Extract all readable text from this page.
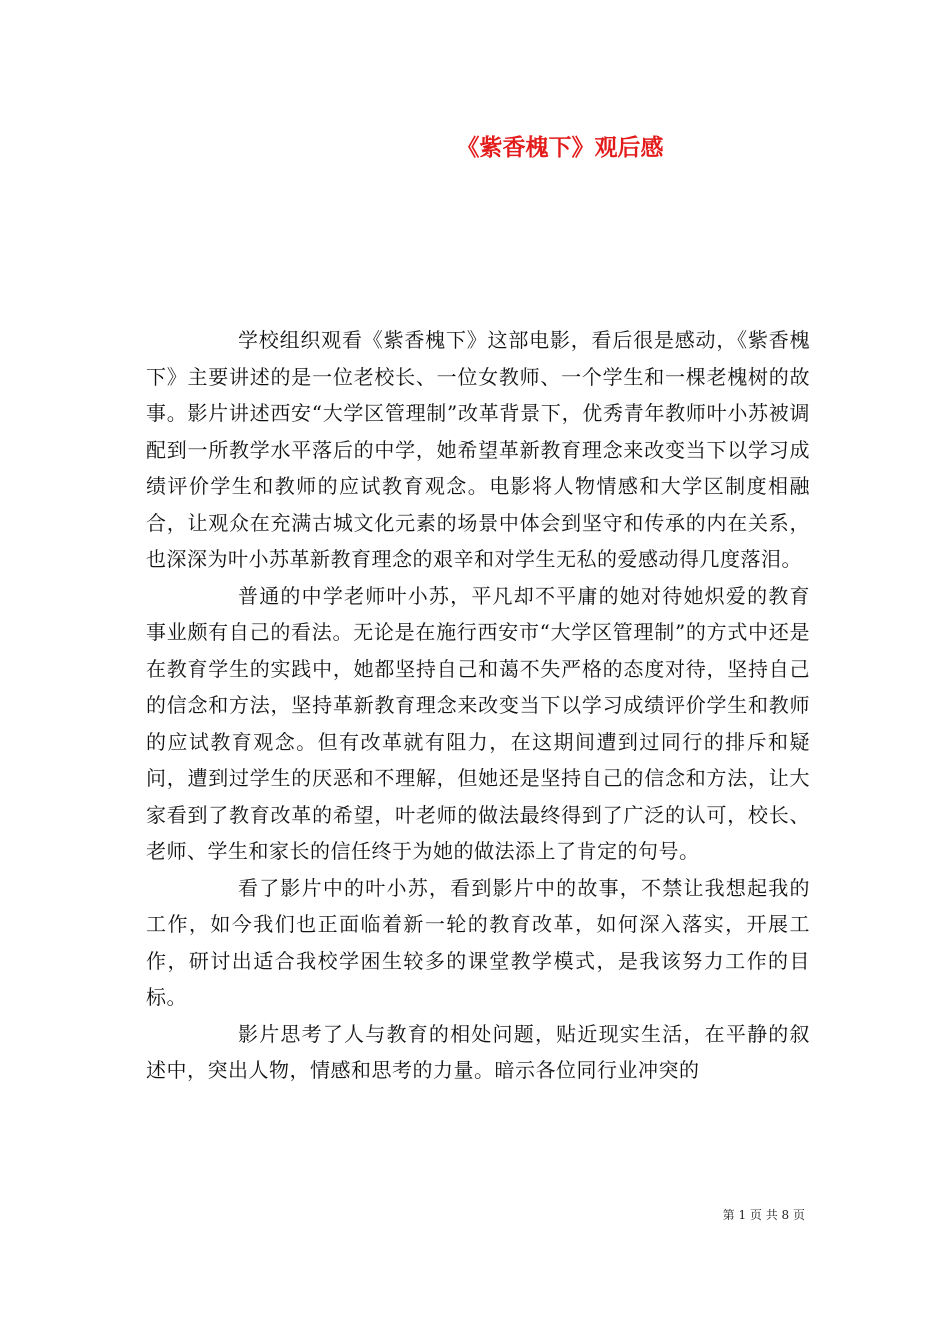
《紫香槐下》观后感

学校组织观看《紫香槐下》这部电影，看后很是感动，《紫香槐下》主要讲述的是一位老校长、一位女教师、一个学生和一棵老槐树的故事。影片讲述西安“大学区管理制”改革背景下，优秀青年教师叶小苏被调配到一所教学水平落后的中学，她希望革新教育理念来改变当下以学习成绩评价学生和教师的应试教育观念。电影将人物情感和大学区制度相融合，让观众在充满古城文化元素的场景中体会到坚守和传承的内在关系，也深深为叶小苏革新教育理念的艰辛和对学生无私的爱感动得几度落泪。

普通的中学老师叶小苏，平凡却不平庸的她对待她炽爱的教育事业颇有自己的看法。无论是在施行西安市“大学区管理制”的方式中还是在教育学生的实践中，她都坚持自己和蔼不失严格的态度对待，坚持自己的信念和方法，坚持革新教育理念来改变当下以学习成绩评价学生和教师的应试教育观念。但有改革就有阻力，在这期间遭到过同行的排斥和疑问，遭到过学生的厌恶和不理解，但她还是坚持自己的信念和方法，让大家看到了教育改革的希望，叶老师的做法最终得到了广泛的认可，校长、老师、学生和家长的信任终于为她的做法添上了肯定的句号。

看了影片中的叶小苏，看到影片中的故事，不禁让我想起我的工作，如今我们也正面临着新一轮的教育改革，如何深入落实，开展工作，研讨出适合我校学困生较多的课堂教学模式，是我该努力工作的目标。

影片思考了人与教育的相处问题，贴近现实生活，在平静的叙述中，突出人物，情感和思考的力量。暗示各位同行业冲突的

第 1 页 共 8 页
